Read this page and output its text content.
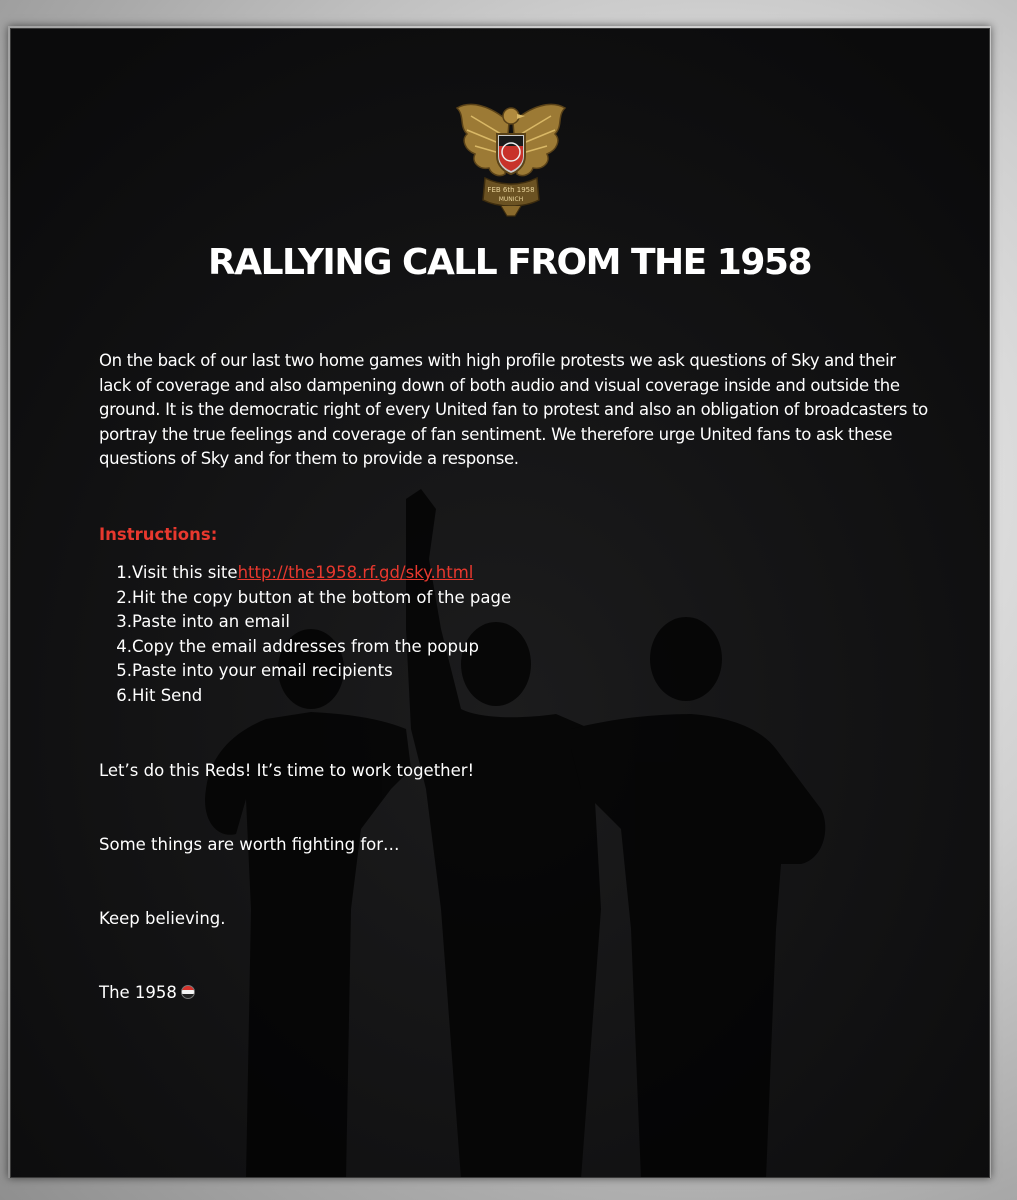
FEB 6th 1958
MUNICH
RALLYING CALL FROM THE 1958

On the back of our last two home games with high profile protests we ask questions of Sky and their lack of coverage and also dampening down of both audio and visual coverage inside and outside the ground. It is the democratic right of every United fan to protest and also an obligation of broadcasters to portray the true feelings and coverage of fan sentiment. We therefore urge United fans to ask these questions of Sky and for them to provide a response.

Instructions:

1. Visit this site http://the1958.rf.gd/sky.html
2. Hit the copy button at the bottom of the page
3. Paste into an email
4. Copy the email addresses from the popup
5. Paste into your email recipients
6. Hit Send

Let’s do this Reds! It’s time to work together!

Some things are worth fighting for…

Keep believing.

The 1958
